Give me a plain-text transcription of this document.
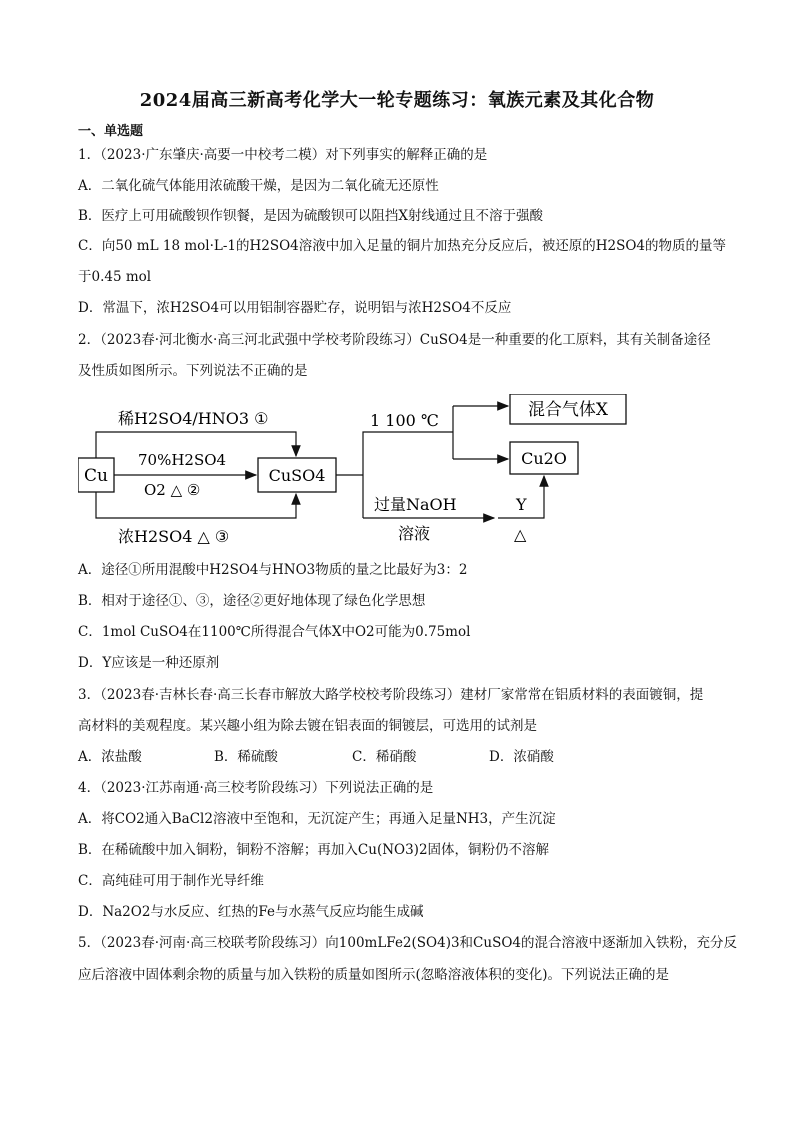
2024届高三新高考化学大一轮专题练习：氧族元素及其化合物
一、单选题
1．（2023·广东肇庆·高要一中校考二模）对下列事实的解释正确的是
A．二氧化硫气体能用浓硫酸干燥，是因为二氧化硫无还原性
B．医疗上可用硫酸钡作钡餐，是因为硫酸钡可以阻挡X射线通过且不溶于强酸
C．向50 mL 18 mol·L-1的H2SO4溶液中加入足量的铜片加热充分反应后，被还原的H2SO4的物质的量等
于0.45 mol
D．常温下，浓H2SO4可以用铝制容器贮存，说明铝与浓H2SO4不反应
2．（2023春·河北衡水·高三河北武强中学校考阶段练习）CuSO4是一种重要的化工原料，其有关制备途径
及性质如图所示。下列说法不正确的是
Cu	CuSO4
稀H2SO4/HNO3 ①
70%H2SO4
O2 △ ②
浓H2SO4 △ ③
1 100 ℃
混合气体X
Cu2O
过量NaOH
溶液
Y
△
A．途径①所用混酸中H2SO4与HNO3物质的量之比最好为3：2
B．相对于途径①、③，途径②更好地体现了绿色化学思想
C．1mol CuSO4在1100℃所得混合气体X中O2可能为0.75mol
D．Y应该是一种还原剂
3．（2023春·吉林长春·高三长春市解放大路学校校考阶段练习）建材厂家常常在铝质材料的表面镀铜，提
高材料的美观程度。某兴趣小组为除去镀在铝表面的铜镀层，可选用的试剂是
A．浓盐酸	B．稀硫酸	C．稀硝酸	D．浓硝酸
4．（2023·江苏南通·高三校考阶段练习）下列说法正确的是
A．将CO2通入BaCl2溶液中至饱和，无沉淀产生；再通入足量NH3，产生沉淀
B．在稀硫酸中加入铜粉，铜粉不溶解；再加入Cu(NO3)2固体，铜粉仍不溶解
C．高纯硅可用于制作光导纤维
D．Na2O2与水反应、红热的Fe与水蒸气反应均能生成碱
5．（2023春·河南·高三校联考阶段练习）向100mLFe2(SO4)3和CuSO4的混合溶液中逐渐加入铁粉，充分反
应后溶液中固体剩余物的质量与加入铁粉的质量如图所示(忽略溶液体积的变化)。下列说法正确的是
